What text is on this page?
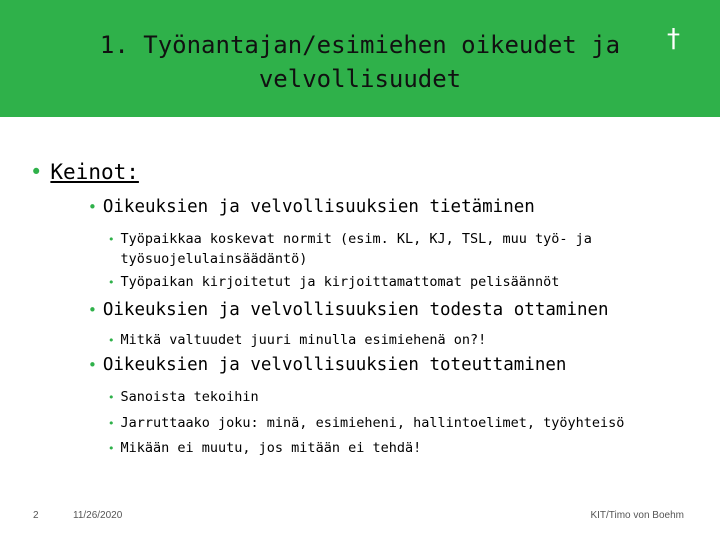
1. Työnantajan/esimiehen oikeudet ja
velvollisuudet
†
• Keinot:
• Oikeuksien ja velvollisuuksien tietäminen
• Työpaikkaa koskevat normit (esim. KL, KJ, TSL, muu työ- ja työsuojelulainsäädäntö)
• Työpaikan kirjoitetut ja kirjoittamattomat pelisäännöt
• Oikeuksien ja velvollisuuksien todesta ottaminen
• Mitkä valtuudet juuri minulla esimiehenä on?!
• Oikeuksien ja velvollisuuksien toteuttaminen
• Sanoista tekoihin
• Jarruttaako joku: minä, esimieheni, hallintoelimet, työyhteisö
• Mikään ei muutu, jos mitään ei tehdä!
2	11/26/2020	KIT/Timo von Boehm
